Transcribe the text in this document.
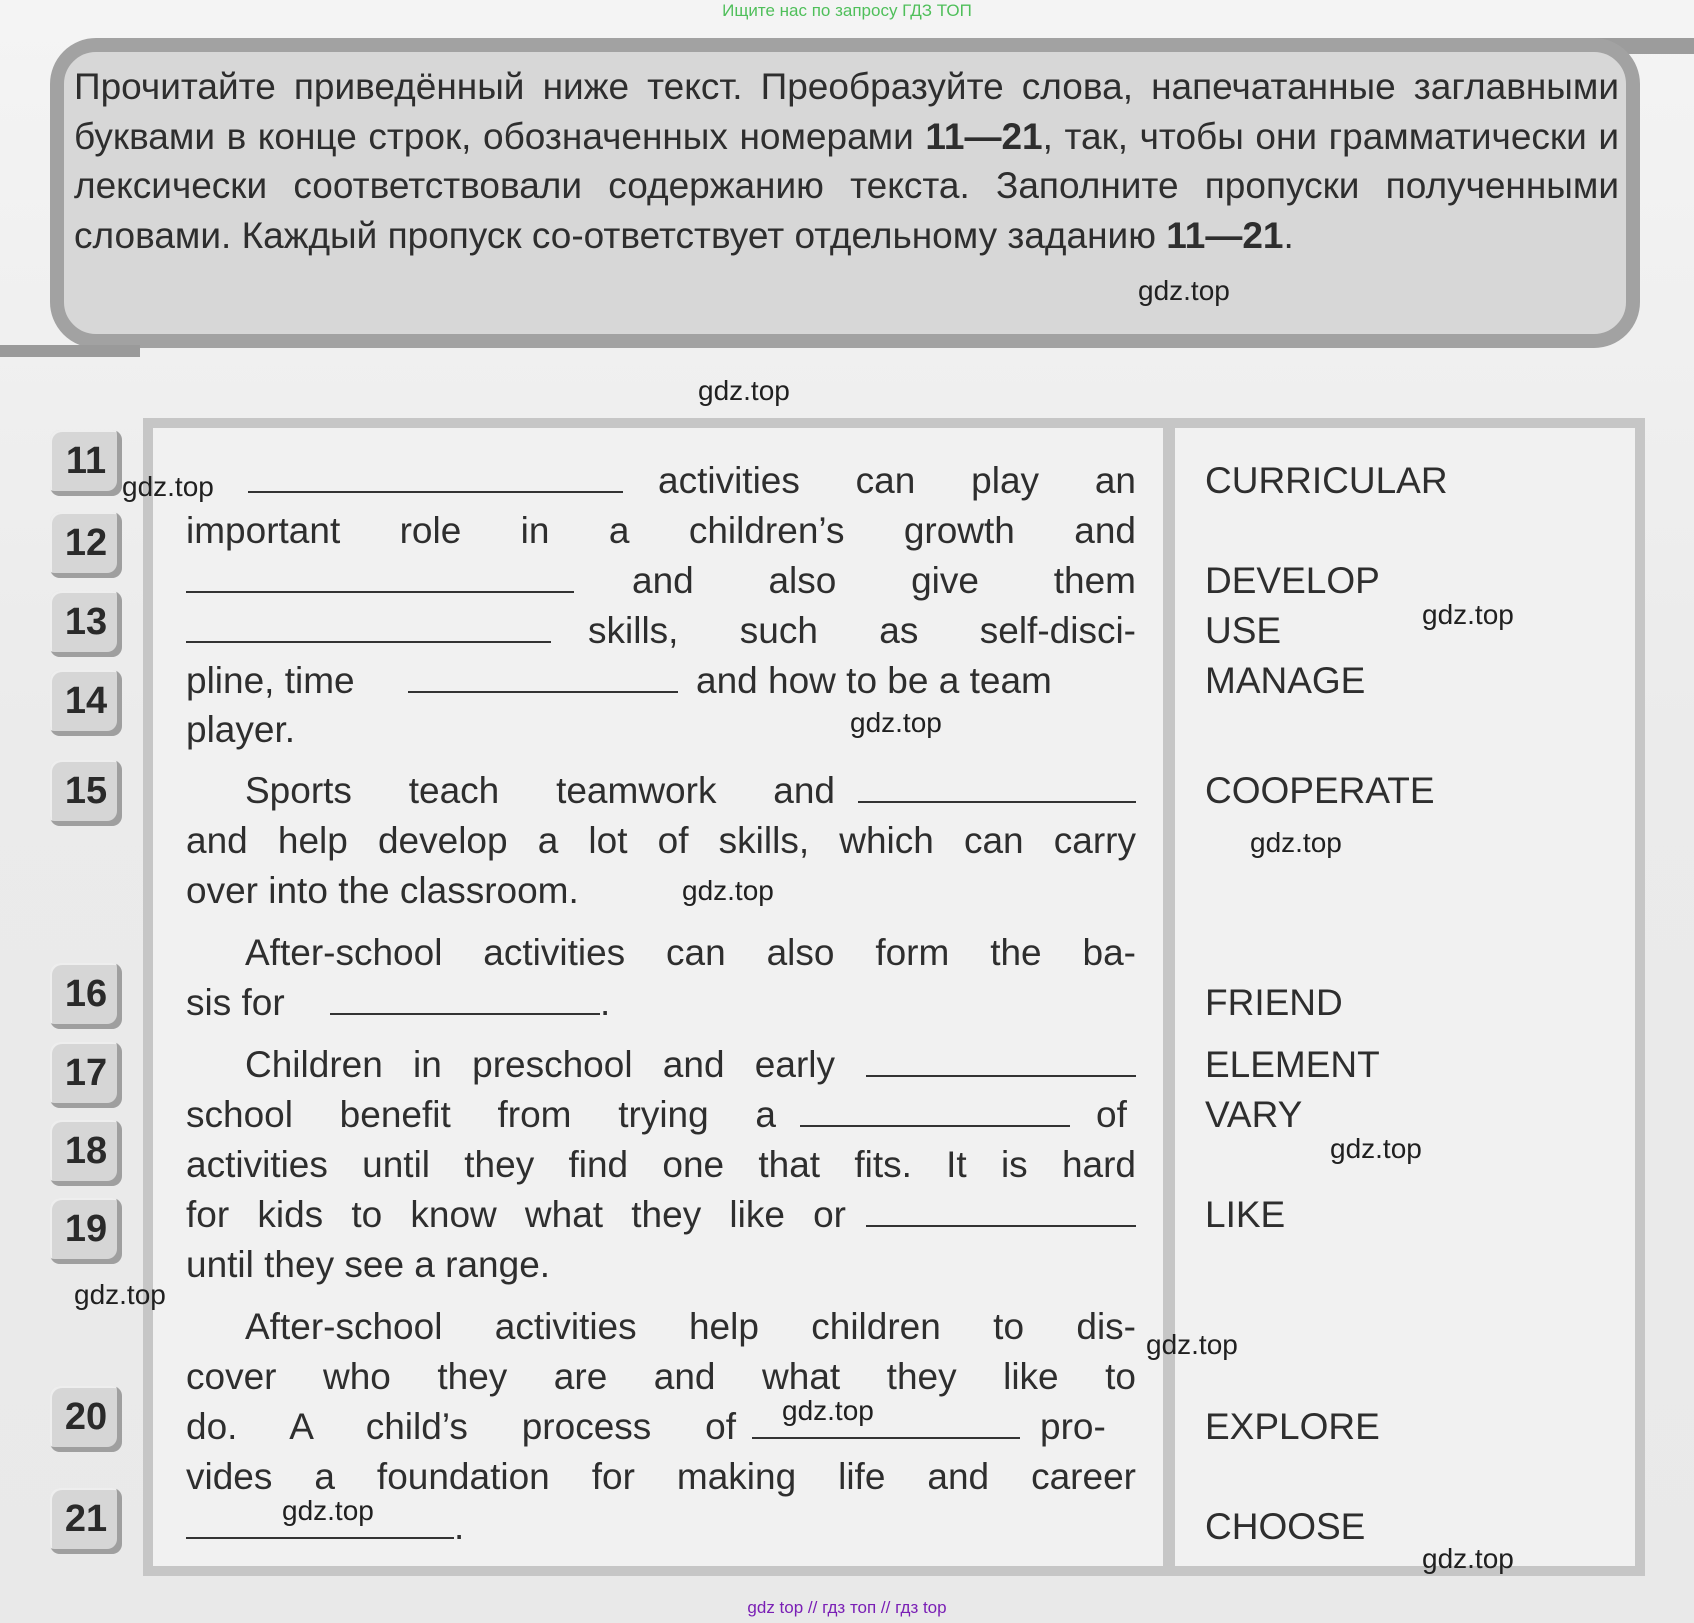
Ищите нас по запросу ГДЗ ТОП

Прочитайте приведённый ниже текст. Преобразуйте слова, напечатанные заглавными буквами в конце строк, обозначенных номерами 11—21, так, чтобы они грамматически и лексически соответствовали содержанию текста. Заполните пропуски полученными словами. Каждый пропуск со-ответствует отдельному заданию 11—21.

11
12
13
14
15
16
17
18
19
20
21
activities can play an
important role in a children’s growth and
and also give them
skills, such as self-disci-
pline, time	and how to be a team
player.
Sports teach teamwork and
and help develop a lot of skills, which can carry
over into the classroom.
After-school activities can also form the ba-
sis for	.
Children in preschool and early
school benefit from trying a	of
activities until they find one that fits. It is hard
for kids to know what they like or
until they see a range.
After-school activities help children to dis-
cover who they are and what they like to
do. A child’s process of	pro-
vides a foundation for making life and career
.
CURRICULAR
DEVELOP
USE
MANAGE
COOPERATE
FRIEND
ELEMENT
VARY
LIKE
EXPLORE
CHOOSE
gdz.top
gdz.top
gdz.top
gdz.top
gdz.top
gdz.top
gdz.top
gdz.top
gdz.top
gdz.top
gdz.top
gdz.top
gdz.top
gdz top // гдз топ // гдз top
